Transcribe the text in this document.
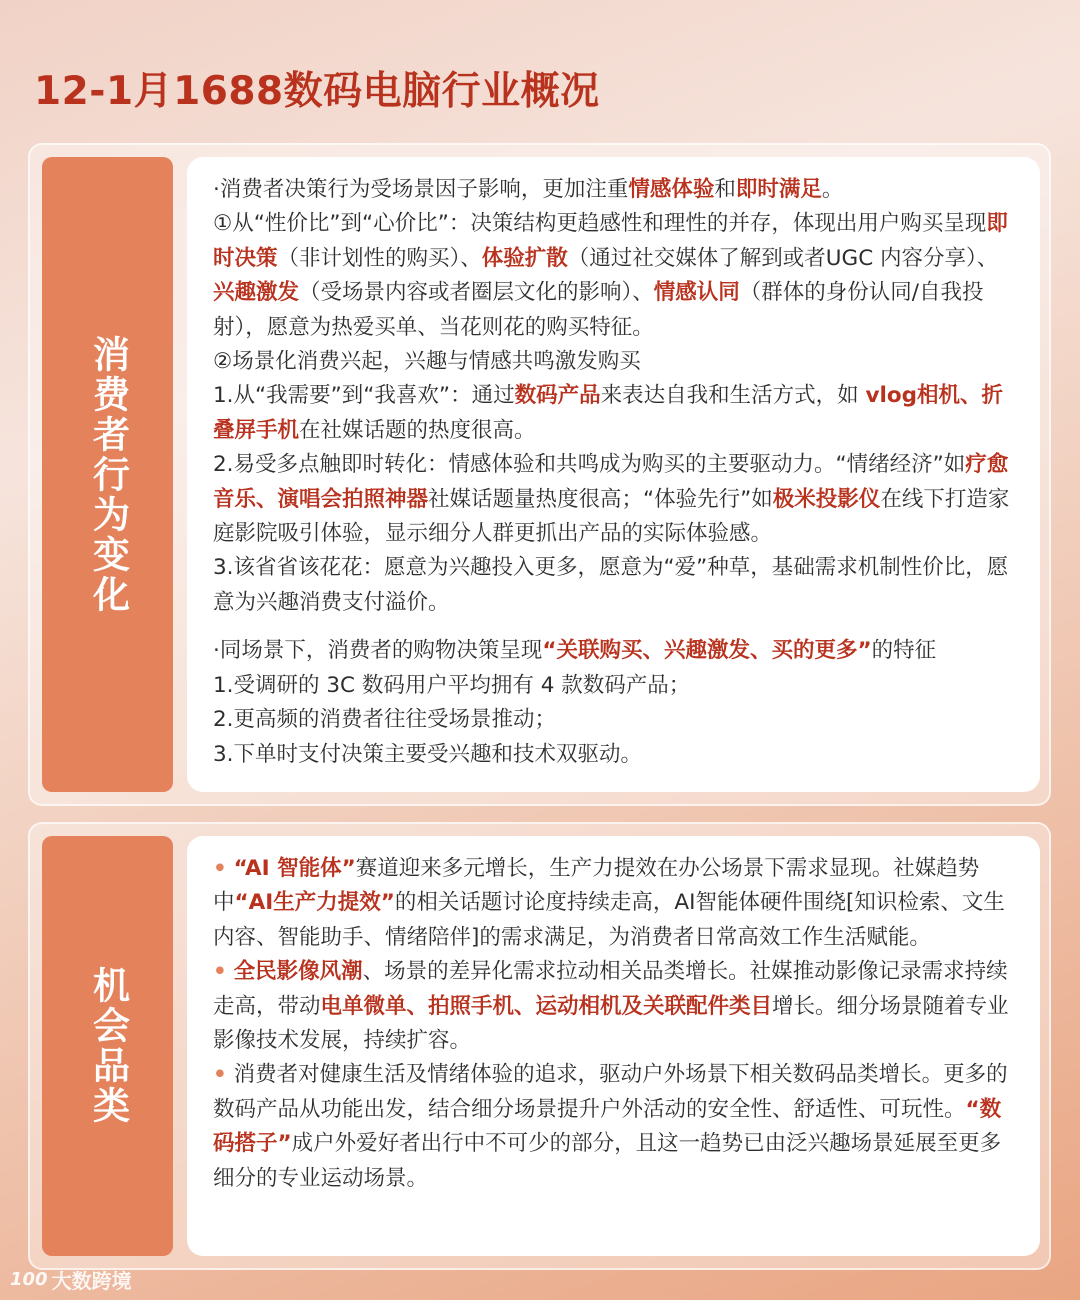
12-1月1688数码电脑行业概况
消费者行为变化

·消费者决策行为受场景因子影响，更加注重情感体验和即时满足。

①从“性价比”到“心价比”：决策结构更趋感性和理性的并存，体现出用户购买呈现即时决策（非计划性的购买）、体验扩散（通过社交媒体了解到或者UGC 内容分享）、兴趣激发（受场景内容或者圈层文化的影响）、情感认同（群体的身份认同/自我投射），愿意为热爱买单、当花则花的购买特征。

②场景化消费兴起，兴趣与情感共鸣激发购买

1.从“我需要”到“我喜欢”：通过数码产品来表达自我和生活方式，如 vlog相机、折叠屏手机在社媒话题的热度很高。

2.易受多点触即时转化：情感体验和共鸣成为购买的主要驱动力。“情绪经济”如疗愈音乐、演唱会拍照神器社媒话题量热度很高；“体验先行”如极米投影仪在线下打造家庭影院吸引体验，显示细分人群更抓出产品的实际体验感。

3.该省省该花花：愿意为兴趣投入更多，愿意为“爱”种草，基础需求机制性价比，愿意为兴趣消费支付溢价。

·同场景下，消费者的购物决策呈现“关联购买、兴趣激发、买的更多”的特征

1.受调研的 3C 数码用户平均拥有 4 款数码产品；

2.更高频的消费者往往受场景推动；

3.下单时支付决策主要受兴趣和技术双驱动。

机会品类

• “AI 智能体”赛道迎来多元增长，生产力提效在办公场景下需求显现。社媒趋势中“AI生产力提效”的相关话题讨论度持续走高，AI智能体硬件围绕[知识检索、文生内容、智能助手、情绪陪伴]的需求满足，为消费者日常高效工作生活赋能。

• 全民影像风潮、场景的差异化需求拉动相关品类增长。社媒推动影像记录需求持续走高，带动电单微单、拍照手机、运动相机及关联配件类目增长。细分场景随着专业影像技术发展，持续扩容。

• 消费者对健康生活及情绪体验的追求，驱动户外场景下相关数码品类增长。更多的数码产品从功能出发，结合细分场景提升户外活动的安全性、舒适性、可玩性。“数码搭子”成户外爱好者出行中不可少的部分，且这一趋势已由泛兴趣场景延展至更多细分的专业运动场景。

100 大数跨境
